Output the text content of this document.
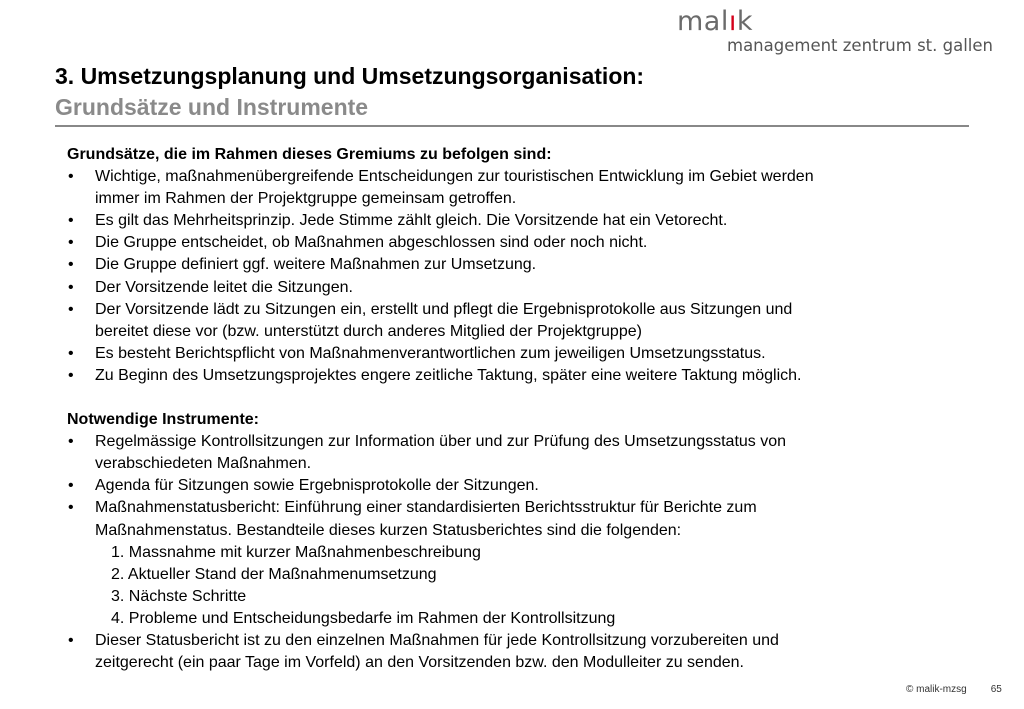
malık
management zentrum st. gallen
3. Umsetzungsplanung und Umsetzungsorganisation:
Grundsätze und Instrumente
Grundsätze, die im Rahmen dieses Gremiums zu befolgen sind:
• Wichtige, maßnahmenübergreifende Entscheidungen zur touristischen Entwicklung im Gebiet werden
immer im Rahmen der Projektgruppe gemeinsam getroffen.
• Es gilt das Mehrheitsprinzip. Jede Stimme zählt gleich. Die Vorsitzende hat ein Vetorecht.
• Die Gruppe entscheidet, ob Maßnahmen abgeschlossen sind oder noch nicht.
• Die Gruppe definiert ggf. weitere Maßnahmen zur Umsetzung.
• Der Vorsitzende leitet die Sitzungen.
• Der Vorsitzende lädt zu Sitzungen ein, erstellt und pflegt die Ergebnisprotokolle aus Sitzungen und
bereitet diese vor (bzw. unterstützt durch anderes Mitglied der Projektgruppe)
• Es besteht Berichtspflicht von Maßnahmenverantwortlichen zum jeweiligen Umsetzungsstatus.
• Zu Beginn des Umsetzungsprojektes engere zeitliche Taktung, später eine weitere Taktung möglich.
Notwendige Instrumente:
• Regelmässige Kontrollsitzungen zur Information über und zur Prüfung des Umsetzungsstatus von
verabschiedeten Maßnahmen.
• Agenda für Sitzungen sowie Ergebnisprotokolle der Sitzungen.
• Maßnahmenstatusbericht: Einführung einer standardisierten Berichtsstruktur für Berichte zum
Maßnahmenstatus. Bestandteile dieses kurzen Statusberichtes sind die folgenden:
1. Massnahme mit kurzer Maßnahmenbeschreibung
2. Aktueller Stand der Maßnahmenumsetzung
3. Nächste Schritte
4. Probleme und Entscheidungsbedarfe im Rahmen der Kontrollsitzung
• Dieser Statusbericht ist zu den einzelnen Maßnahmen für jede Kontrollsitzung vorzubereiten und
zeitgerecht (ein paar Tage im Vorfeld) an den Vorsitzenden bzw. den Modulleiter zu senden.
© malik-mzsg 65
